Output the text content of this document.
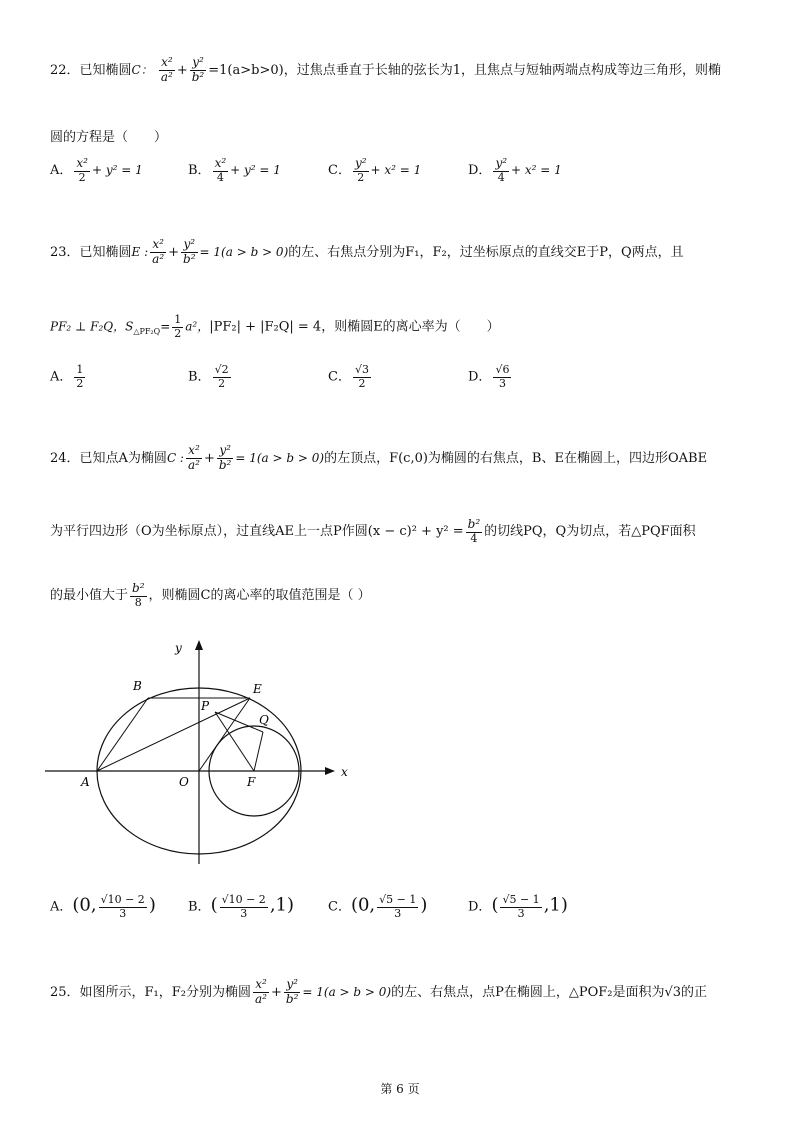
22．已知椭圆C： $\frac{\text{x²}}{\text{a²}} + \frac{\text{y²}}{\text{b²}} =1(a>b>0)$，过焦点垂直于长轴的弦长为1，且焦点与短轴两端点构成等边三角形，则椭
圆的方程是（　　）
A． $\frac{\text{x²}}{2} + y^2 = 1$	B． $\frac{\text{x²}}{4} + y^2 = 1$	C． $\frac{\text{y²}}{2} + x^2 = 1$	D． $\frac{\text{y²}}{4} + x^2 = 1$
23．已知椭圆E : $\frac{\text{x²}}{\text{a²}} + \frac{\text{y²}}{\text{b²}} = 1(a > b > 0)$的左、右焦点分别为F₁，F₂，过坐标原点的直线交E于P，Q两点，且
PF₂ ⊥ F₂Q，$S_{\triangle PF_2Q}= \frac{1}{2} a^2$，|PF₂| + |F₂Q| = 4，则椭圆E的离心率为（　　）
A． $\frac{1}{2}$	B． $\frac{√2}{2}$	C． $\frac{√3}{2}$	D． $\frac{√6}{3}$
24．已知点A为椭圆C : $\frac{\text{x²}}{\text{a²}} + \frac{\text{y²}}{\text{b²}} = 1(a > b > 0)$的左顶点，F(c,0)为椭圆的右焦点，B、E在椭圆上，四边形OABE
为平行四边形（O为坐标原点），过直线AE上一点P作圆$(x - c)^2 + y^2 = \frac{\text{b²}}{4}$ 的切线PQ，Q为切点，若△PQF面积
的最小值大于 $\frac{\text{b²}}{8}$ ，则椭圆C的离心率的取值范围是（ ）
y
x
B	E
P
Q
A	O	F
A．(0, $\frac{√10 - 2}{3}$ ) B．( $\frac{√10 - 2}{3} ,1$)	C．(0, $\frac{√5 - 1}{3}$ )	D．( $\frac{√5 - 1}{3} ,1$)
25．如图所示，F₁，F₂分别为椭圆 $\frac{\text{x²}}{\text{a²}} + \frac{\text{y²}}{\text{b²}} = 1(a > b > 0)$的左、右焦点，点P在椭圆上，△POF₂是面积为√3的正
第 6 页
